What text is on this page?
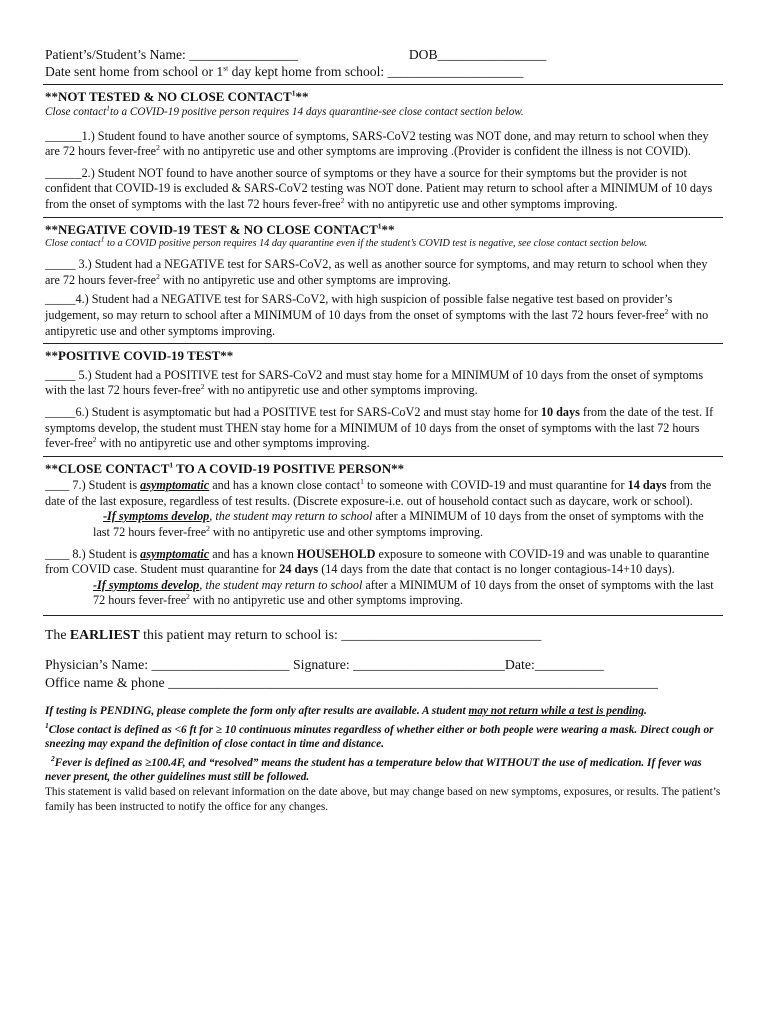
Patient’s/Student’s Name: ________________	DOB________________
Date sent home from school or 1st day kept home from school: ____________________
**NOT TESTED & NO CLOSE CONTACT$^1$**
Close contact$^1$to a COVID-19 positive person requires 14 days quarantine-see close contact section below.
______1.) Student found to have another source of symptoms, SARS-CoV2 testing was NOT done, and may return to school when they are 72 hours fever-free$^2$ with no antipyretic use and other symptoms are improving .(Provider is confident the illness is not COVID).
______2.) Student NOT found to have another source of symptoms or they have a source for their symptoms but the provider is not confident that COVID-19 is excluded & SARS-CoV2 testing was NOT done. Patient may return to school after a MINIMUM of 10 days from the onset of symptoms with the last 72 hours fever-free$^2$ with no antipyretic use and other symptoms improving.
**NEGATIVE COVID-19 TEST & NO CLOSE CONTACT$^1$**
Close contact$^1$ to a COVID positive person requires 14 day quarantine even if the student’s COVID test is negative, see close contact section below.
_____ 3.) Student had a NEGATIVE test for SARS-CoV2, as well as another source for symptoms, and may return to school when they are 72 hours fever-free$^2$ with no antipyretic use and other symptoms are improving.
_____4.) Student had a NEGATIVE test for SARS-CoV2, with high suspicion of possible false negative test based on provider’s judgement, so may return to school after a MINIMUM of 10 days from the onset of symptoms with the last 72 hours fever-free$^2$ with no antipyretic use and other symptoms improving.
**POSITIVE COVID-19 TEST**
_____ 5.) Student had a POSITIVE test for SARS-CoV2 and must stay home for a MINIMUM of 10 days from the onset of symptoms with the last 72 hours fever-free$^2$ with no antipyretic use and other symptoms improving.
_____6.) Student is asymptomatic but had a POSITIVE test for SARS-CoV2 and must stay home for 10 days from the date of the test. If symptoms develop, the student must THEN stay home for a MINIMUM of 10 days from the onset of symptoms with the last 72 hours fever-free$^2$ with no antipyretic use and other symptoms improving.
**CLOSE CONTACT$^1$ TO A COVID-19 POSITIVE PERSON**
____ 7.) Student is asymptomatic and has a known close contact$^1$ to someone with COVID-19 and must quarantine for 14 days from the date of the last exposure, regardless of test results. (Discrete exposure-i.e. out of household contact such as daycare, work or school).
-If symptoms develop, the student may return to school after a MINIMUM of 10 days from the onset of symptoms with the last 72 hours fever-free$^2$ with no antipyretic use and other symptoms improving.
____ 8.) Student is asymptomatic and has a known HOUSEHOLD exposure to someone with COVID-19 and was unable to quarantine from COVID case. Student must quarantine for 24 days (14 days from the date that contact is no longer contagious-14+10 days).
-If symptoms develop, the student may return to school after a MINIMUM of 10 days from the onset of symptoms with the last 72 hours fever-free$^2$ with no antipyretic use and other symptoms improving.
The EARLIEST this patient may return to school is: _____________________________
Physician’s Name: ____________________ Signature: ______________________Date:__________
Office name & phone _______________________________________________________________________
If testing is PENDING, please complete the form only after results are available. A student may not return while a test is pending.
$^1$Close contact is defined as <6 ft for ≥ 10 continuous minutes regardless of whether either or both people were wearing a mask. Direct cough or sneezing may expand the definition of close contact in time and distance.
$^2$Fever is defined as ≥100.4F, and “resolved” means the student has a temperature below that WITHOUT the use of medication. If fever was never present, the other guidelines must still be followed.
This statement is valid based on relevant information on the date above, but may change based on new symptoms, exposures, or results. The patient’s family has been instructed to notify the office for any changes.
